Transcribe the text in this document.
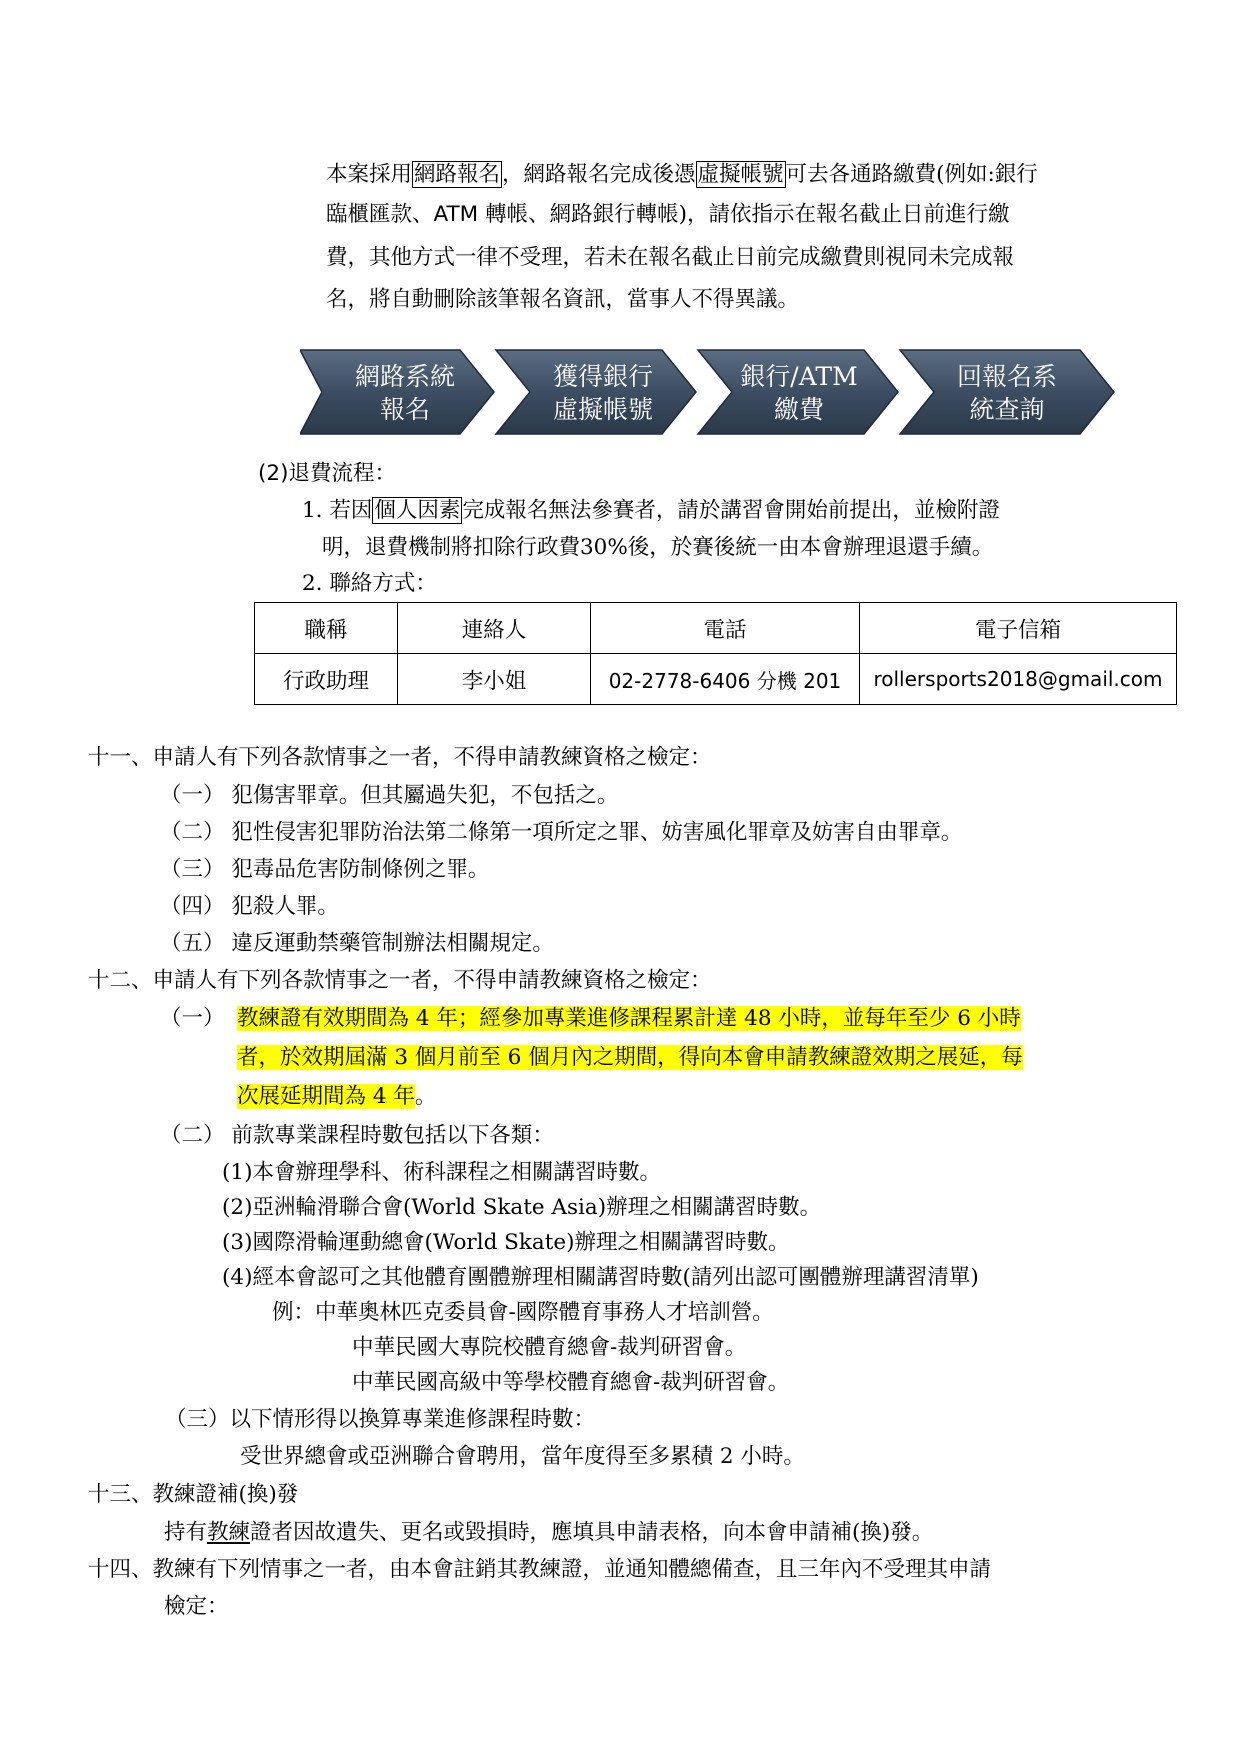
本案採用網路報名，網路報名完成後憑虛擬帳號可去各通路繳費(例如:銀行
臨櫃匯款、ATM 轉帳、網路銀行轉帳)，請依指示在報名截止日前進行繳
費，其他方式一律不受理，若未在報名截止日前完成繳費則視同未完成報
名，將自動刪除該筆報名資訊，當事人不得異議。
網路系統
報名
獲得銀行
虛擬帳號
銀行/ATM
繳費
回報名系
統查詢
(2)退費流程：
1. 若因個人因素完成報名無法參賽者，請於講習會開始前提出，並檢附證
明，退費機制將扣除行政費30%後，於賽後統一由本會辦理退還手續。
2. 聯絡方式：
職稱	連絡人	電話	電子信箱
行政助理	李小姐	02-2778-6406 分機 201	rollersports2018@gmail.com
十一、申請人有下列各款情事之一者，不得申請教練資格之檢定：
（一） 犯傷害罪章。但其屬過失犯，不包括之。
（二） 犯性侵害犯罪防治法第二條第一項所定之罪、妨害風化罪章及妨害自由罪章。
（三） 犯毒品危害防制條例之罪。
（四） 犯殺人罪。
（五） 違反運動禁藥管制辦法相關規定。
十二、申請人有下列各款情事之一者，不得申請教練資格之檢定：
（一） 教練證有效期間為 4 年；經參加專業進修課程累計達 48 小時，並每年至少 6 小時
者，於效期屆滿 3 個月前至 6 個月內之期間，得向本會申請教練證效期之展延，每
次展延期間為 4 年。
（二） 前款專業課程時數包括以下各類：
(1)本會辦理學科、術科課程之相關講習時數。
(2)亞洲輪滑聯合會(World Skate Asia)辦理之相關講習時數。
(3)國際滑輪運動總會(World Skate)辦理之相關講習時數。
(4)經本會認可之其他體育團體辦理相關講習時數(請列出認可團體辦理講習清單)
例：中華奧林匹克委員會-國際體育事務人才培訓營。
中華民國大專院校體育總會-裁判研習會。
中華民國高級中等學校體育總會-裁判研習會。
（三）以下情形得以換算專業進修課程時數：
受世界總會或亞洲聯合會聘用，當年度得至多累積 2 小時。
十三、教練證補(換)發
持有教練證者因故遺失、更名或毀損時，應填具申請表格，向本會申請補(換)發。
十四、教練有下列情事之一者，由本會註銷其教練證，並通知體總備查，且三年內不受理其申請
檢定：
